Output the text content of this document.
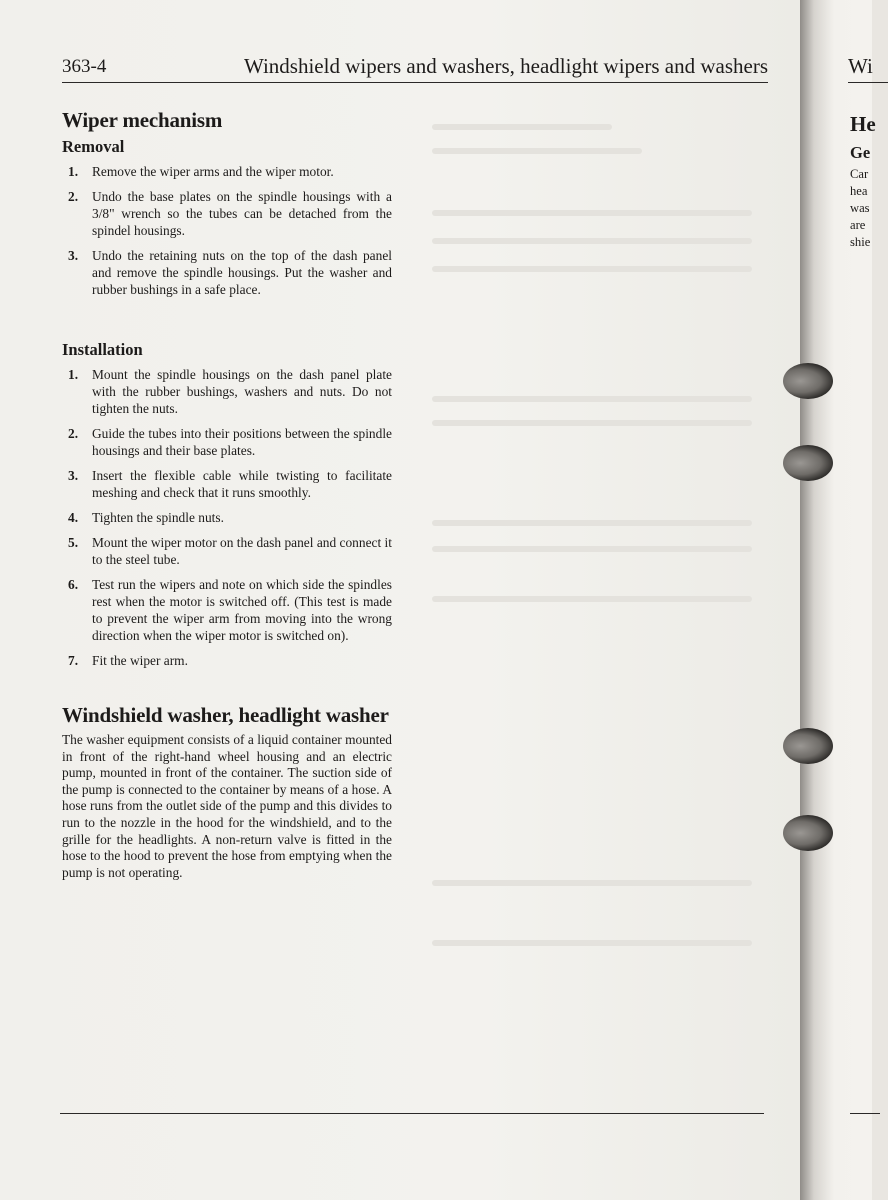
363-4	Windshield wipers and washers, headlight wipers and washers
Wiper mechanism
Removal
1. Remove the wiper arms and the wiper motor.
2. Undo the base plates on the spindle housings with a 3/8" wrench so the tubes can be detached from the spindel housings.
3. Undo the retaining nuts on the top of the dash panel and remove the spindle housings. Put the washer and rubber bushings in a safe place.
Installation
1. Mount the spindle housings on the dash panel plate with the rubber bushings, washers and nuts. Do not tighten the nuts.
2. Guide the tubes into their positions between the spindle housings and their base plates.
3. Insert the flexible cable while twisting to facilitate meshing and check that it runs smoothly.
4. Tighten the spindle nuts.
5. Mount the wiper motor on the dash panel and connect it to the steel tube.
6. Test run the wipers and note on which side the spindles rest when the motor is switched off. (This test is made to prevent the wiper arm from moving into the wrong direction when the wiper motor is switched on).
7. Fit the wiper arm.
Windshield washer, headlight washer

The washer equipment consists of a liquid container mounted in front of the right-hand wheel housing and an electric pump, mounted in front of the container. The suction side of the pump is connected to the container by means of a hose. A hose runs from the outlet side of the pump and this divides to run to the nozzle in the hood for the windshield, and to the grille for the headlights. A non-return valve is fitted in the hose to the hood to prevent the hose from emptying when the pump is not operating.

Wi
He
Ge
Car
hea
was
are
shie
